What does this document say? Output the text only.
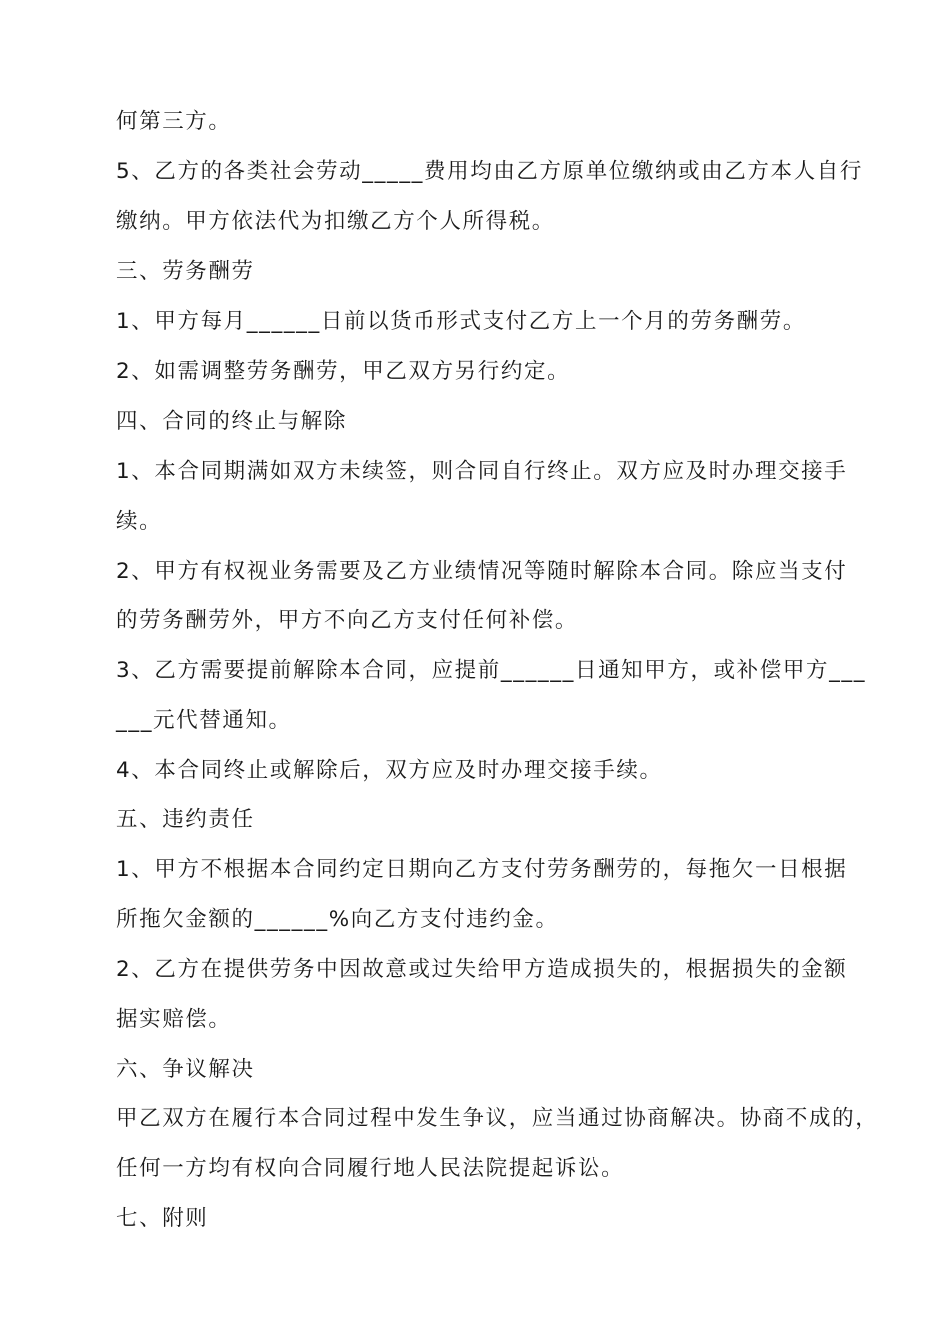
何第三方。
5、乙方的各类社会劳动_____费用均由乙方原单位缴纳或由乙方本人自行
缴纳。甲方依法代为扣缴乙方个人所得税。
三、劳务酬劳
1、甲方每月______日前以货币形式支付乙方上一个月的劳务酬劳。
2、如需调整劳务酬劳，甲乙双方另行约定。
四、合同的终止与解除
1、本合同期满如双方未续签，则合同自行终止。双方应及时办理交接手
续。
2、甲方有权视业务需要及乙方业绩情况等随时解除本合同。除应当支付
的劳务酬劳外，甲方不向乙方支付任何补偿。
3、乙方需要提前解除本合同，应提前______日通知甲方，或补偿甲方___
___元代替通知。
4、本合同终止或解除后，双方应及时办理交接手续。
五、违约责任
1、甲方不根据本合同约定日期向乙方支付劳务酬劳的，每拖欠一日根据
所拖欠金额的______%向乙方支付违约金。
2、乙方在提供劳务中因故意或过失给甲方造成损失的，根据损失的金额
据实赔偿。
六、争议解决
甲乙双方在履行本合同过程中发生争议，应当通过协商解决。协商不成的，
任何一方均有权向合同履行地人民法院提起诉讼。
七、附则
